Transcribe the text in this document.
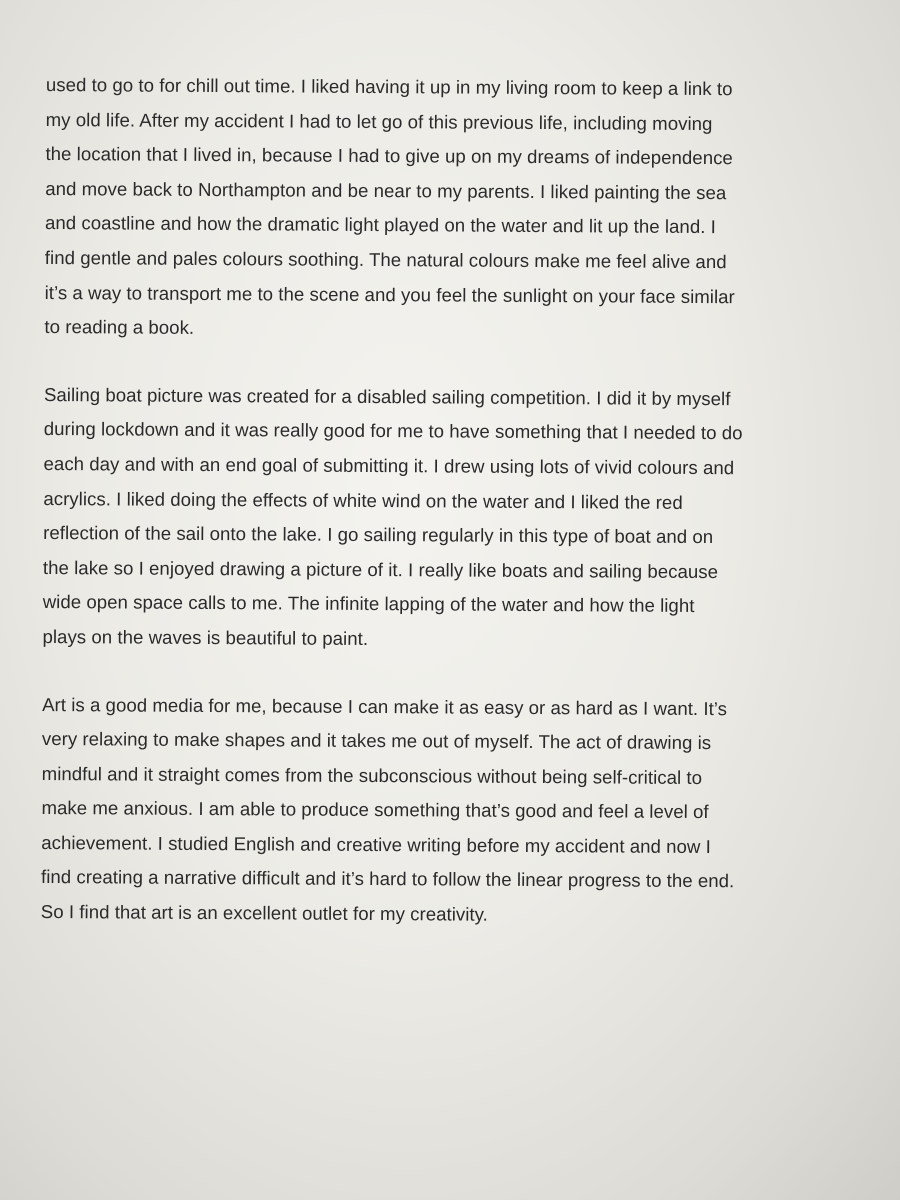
used to go to for chill out time. I liked having it up in my living room to keep a link to
my old life. After my accident I had to let go of this previous life, including moving
the location that I lived in, because I had to give up on my dreams of independence
and move back to Northampton and be near to my parents. I liked painting the sea
and coastline and how the dramatic light played on the water and lit up the land. I
find gentle and pales colours soothing. The natural colours make me feel alive and
it’s a way to transport me to the scene and you feel the sunlight on your face similar
to reading a book.
Sailing boat picture was created for a disabled sailing competition. I did it by myself
during lockdown and it was really good for me to have something that I needed to do
each day and with an end goal of submitting it. I drew using lots of vivid colours and
acrylics. I liked doing the effects of white wind on the water and I liked the red
reflection of the sail onto the lake. I go sailing regularly in this type of boat and on
the lake so I enjoyed drawing a picture of it. I really like boats and sailing because
wide open space calls to me. The infinite lapping of the water and how the light
plays on the waves is beautiful to paint.
Art is a good media for me, because I can make it as easy or as hard as I want. It’s
very relaxing to make shapes and it takes me out of myself. The act of drawing is
mindful and it straight comes from the subconscious without being self-critical to
make me anxious. I am able to produce something that’s good and feel a level of
achievement. I studied English and creative writing before my accident and now I
find creating a narrative difficult and it’s hard to follow the linear progress to the end.
So I find that art is an excellent outlet for my creativity.
